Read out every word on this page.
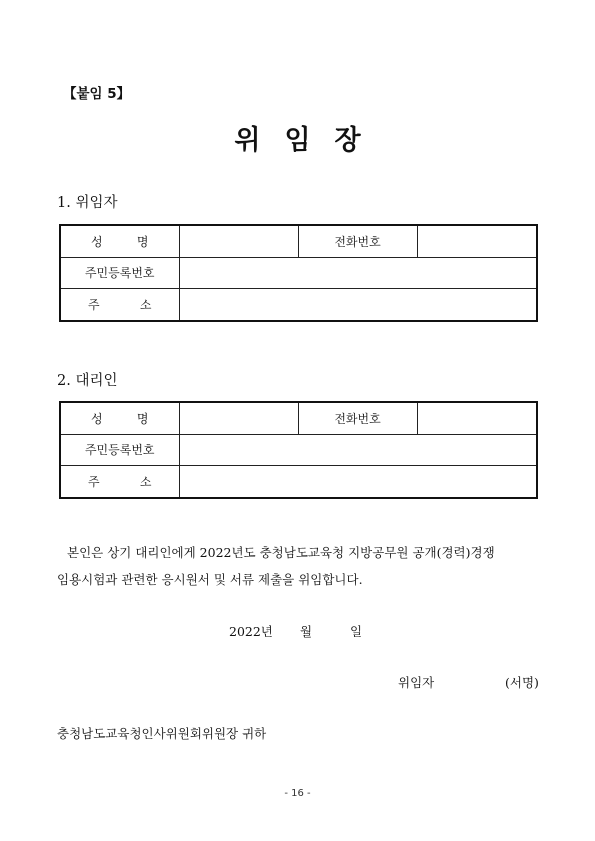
【붙임 5】
위 임 장
1. 위임자
성 명		전화번호	
주민등록번호			

주 소			

2. 대리인
성 명		전화번호	
주민등록번호			

주 소			

본인은 상기 대리인에게 2022년도 충청남도교육청 지방공무원 공개(경력)경쟁
임용시험과 관련한 응시원서 및 서류 제출을 위임합니다.
2022년 월	일
위임자	(서명)
충청남도교육청인사위원회위원장 귀하
- 16 -
